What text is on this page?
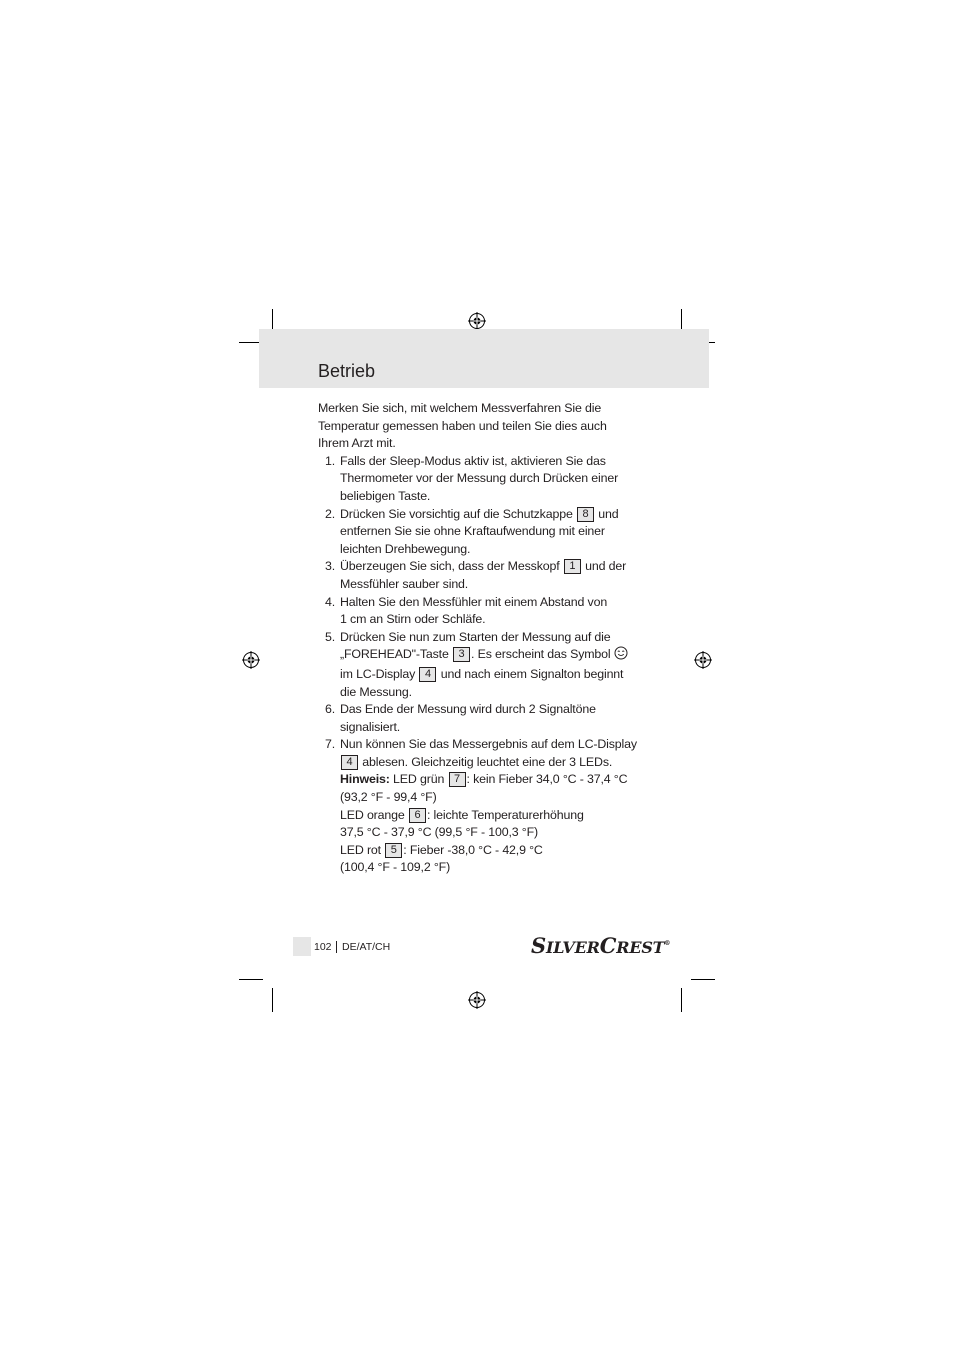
Betrieb

Merken Sie sich, mit welchem Messverfahren Sie die
Temperatur gemessen haben und teilen Sie dies auch
Ihrem Arzt mit.

1. Falls der Sleep-Modus aktiv ist, aktivieren Sie das
Thermometer vor der Messung durch Drücken einer
beliebigen Taste.
2. Drücken Sie vorsichtig auf die Schutzkappe 8 und
entfernen Sie sie ohne Kraftaufwendung mit einer
leichten Drehbewegung.
3. Überzeugen Sie sich, dass der Messkopf 1 und der
Messfühler sauber sind.
4. Halten Sie den Messfühler mit einem Abstand von
1 cm an Stirn oder Schläfe.
5. Drücken Sie nun zum Starten der Messung auf die
„FOREHEAD"-Taste 3 . Es erscheint das Symbol
im LC-Display 4 und nach einem Signalton beginnt
die Messung.
6. Das Ende der Messung wird durch 2 Signaltöne
signalisiert.
7. Nun können Sie das Messergebnis auf dem LC-Display
4 ablesen. Gleichzeitig leuchtet eine der 3 LEDs.
Hinweis: LED grün 7 : kein Fieber 34,0 °C - 37,4 °C
(93,2 °F - 99,4 °F)
LED orange 6 : leichte Temperaturerhöhung
37,5 °C - 37,9 °C (99,5 °F - 100,3 °F)
LED rot 5 : Fieber -38,0 °C - 42,9 °C
(100,4 °F - 109,2 °F)
102 DE/AT/CH	SILVERCREST®
